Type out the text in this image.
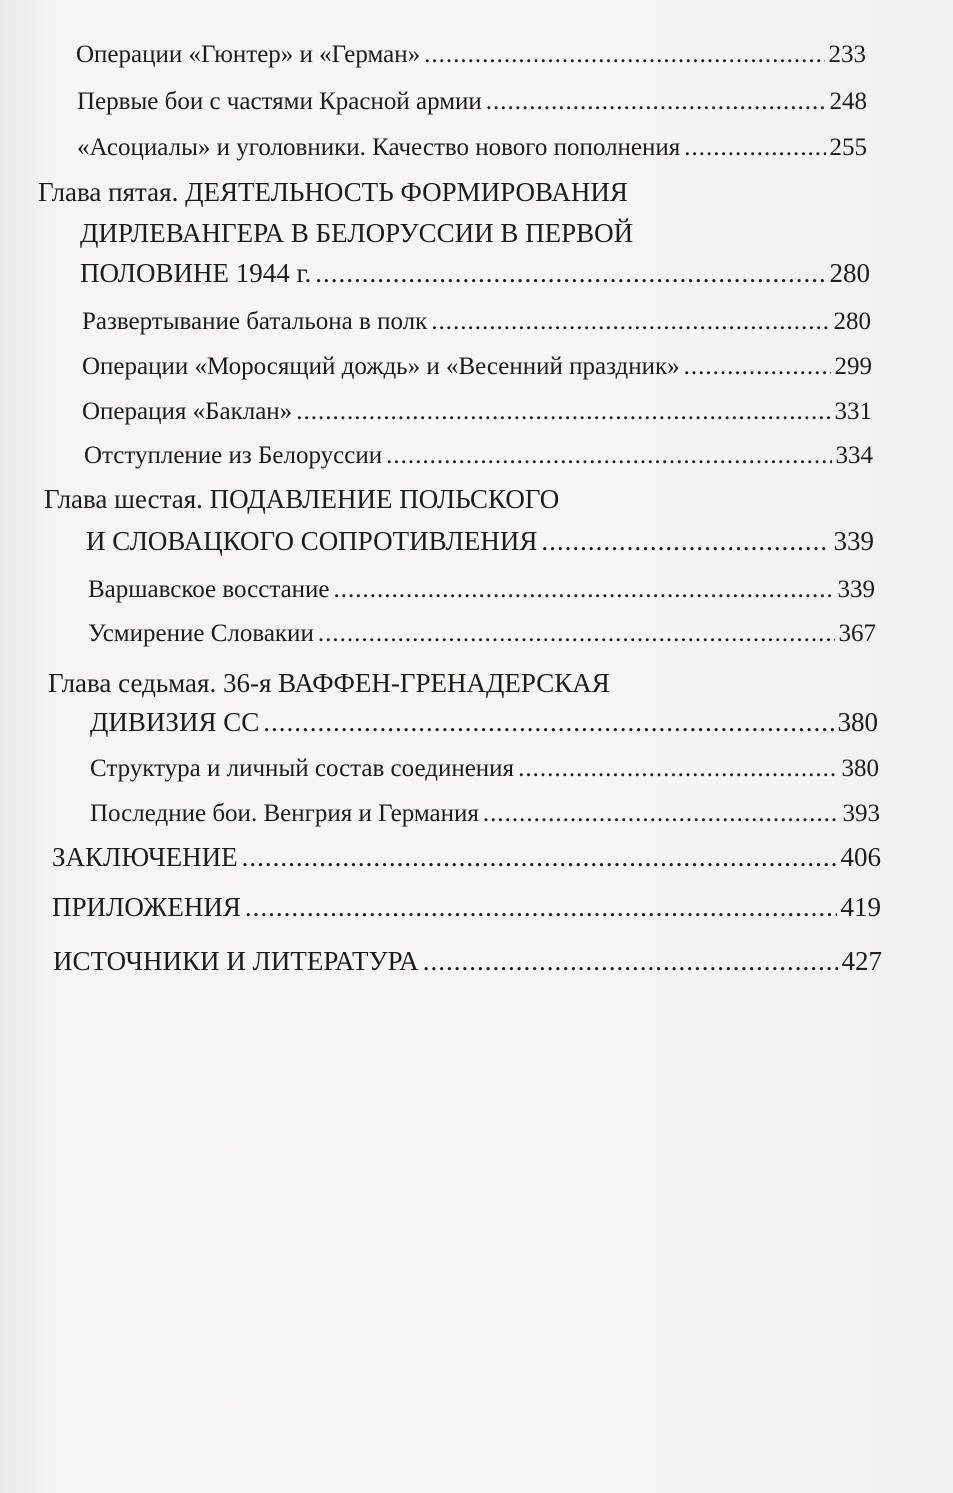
Операции «Гюнтер» и «Герман» .....	233
Первые бои с частями Красной армии .....	248
«Асоциалы» и уголовники. Качество нового пополнения .....	255
Глава пятая. ДЕЯТЕЛЬНОСТЬ ФОРМИРОВАНИЯ
ДИРЛЕВАНГЕРА В БЕЛОРУССИИ В ПЕРВОЙ
ПОЛОВИНЕ 1944 г. .....	280
Развертывание батальона в полк .....	280
Операции «Моросящий дождь» и «Весенний праздник» .....	299
Операция «Баклан» .....	331
Отступление из Белоруссии .....	334
Глава шестая. ПОДАВЛЕНИЕ ПОЛЬСКОГО
И СЛОВАЦКОГО СОПРОТИВЛЕНИЯ .....	339
Варшавское восстание .....	339
Усмирение Словакии .....	367
Глава седьмая. 36-я ВАФФЕН-ГРЕНАДЕРСКАЯ
ДИВИЗИЯ СС .....	380
Структура и личный состав соединения .....	380
Последние бои. Венгрия и Германия .....	393
ЗАКЛЮЧЕНИЕ .....	406
ПРИЛОЖЕНИЯ .....	419
ИСТОЧНИКИ И ЛИТЕРАТУРА .....	427
